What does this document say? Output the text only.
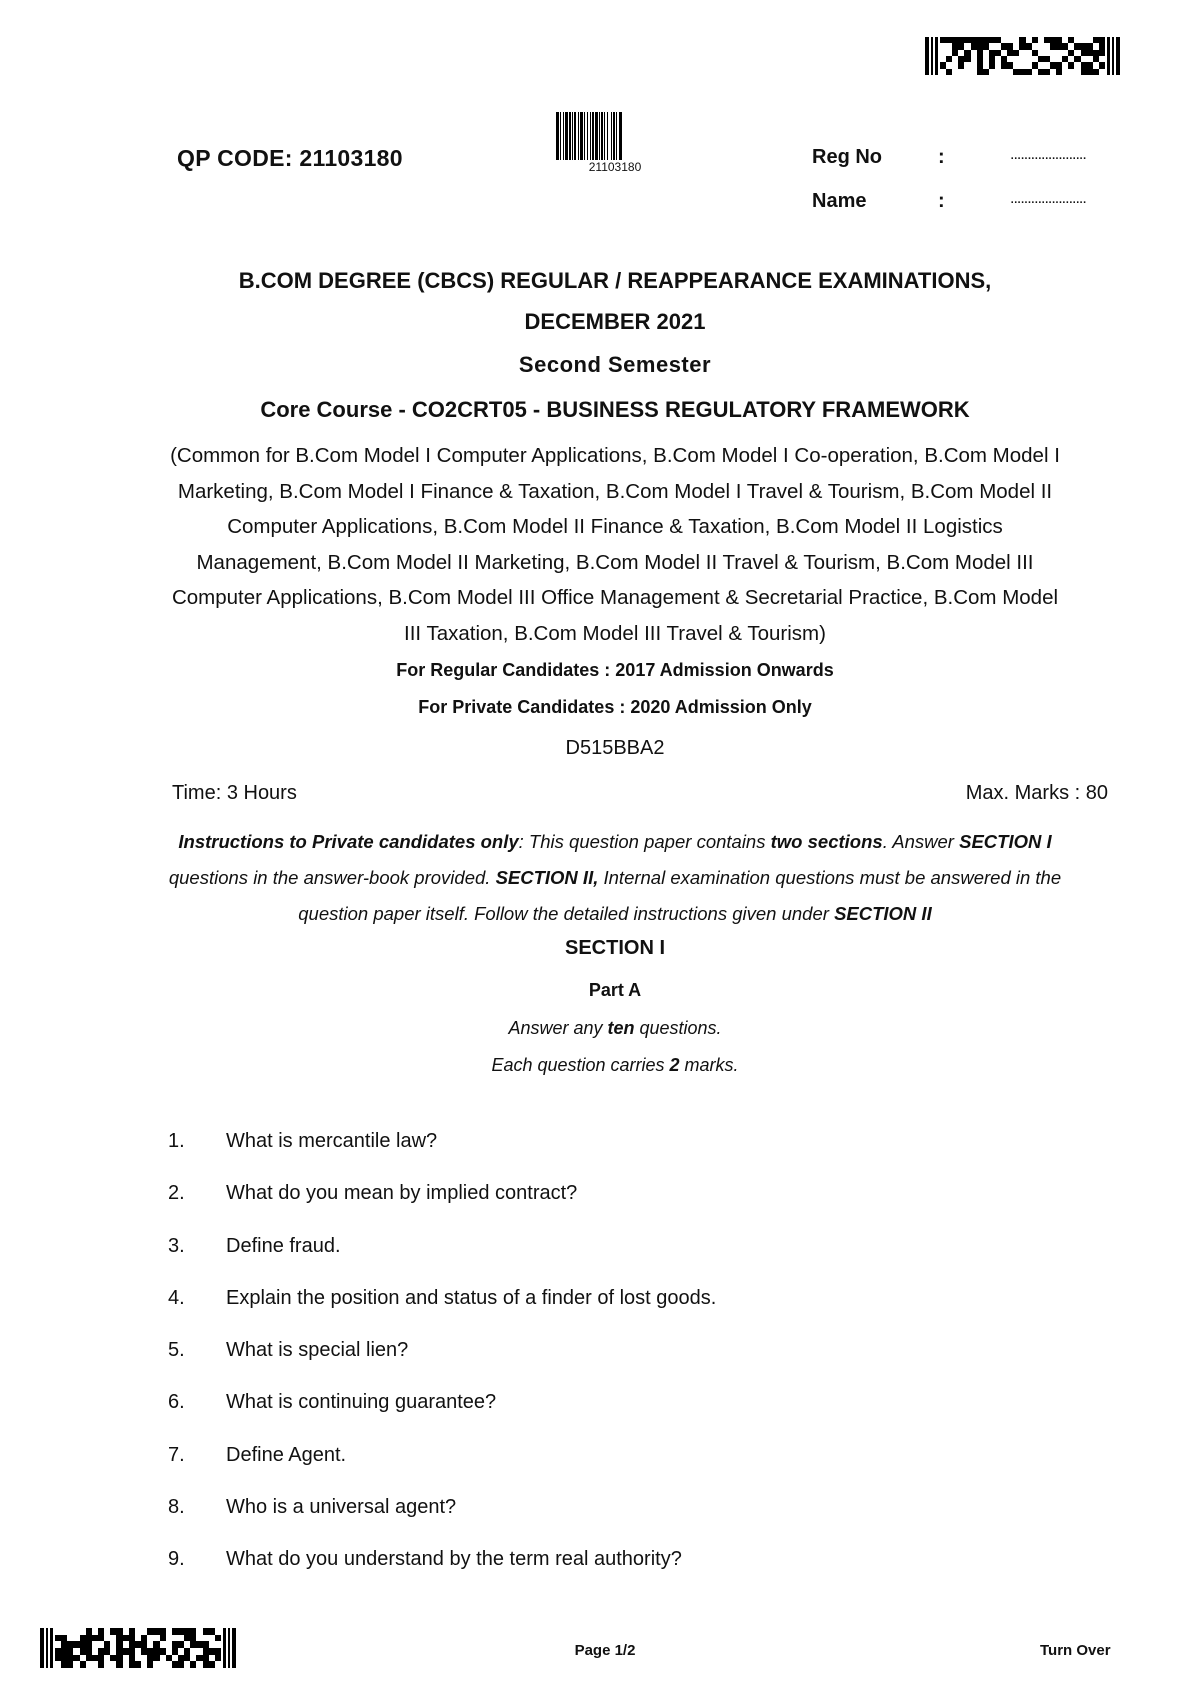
QP CODE: 21103180	21103180	Reg No	:	......................
Name	:	......................
B.COM DEGREE (CBCS) REGULAR / REAPPEARANCE EXAMINATIONS,
DECEMBER 2021
Second Semester
Core Course - CO2CRT05 - BUSINESS REGULATORY FRAMEWORK
(Common for B.Com Model I Computer Applications, B.Com Model I Co-operation, B.Com Model I
Marketing, B.Com Model I Finance & Taxation, B.Com Model I Travel & Tourism, B.Com Model II
Computer Applications, B.Com Model II Finance & Taxation, B.Com Model II Logistics
Management, B.Com Model II Marketing, B.Com Model II Travel & Tourism, B.Com Model III
Computer Applications, B.Com Model III Office Management & Secretarial Practice, B.Com Model
III Taxation, B.Com Model III Travel & Tourism)
For Regular Candidates : 2017 Admission Onwards
For Private Candidates : 2020 Admission Only
D515BBA2
Time: 3 Hours	Max. Marks : 80
Instructions to Private candidates only: This question paper contains two sections. Answer SECTION I
questions in the answer-book provided. SECTION II, Internal examination questions must be answered in the
question paper itself. Follow the detailed instructions given under SECTION II
SECTION I
Part A
Answer any ten questions.
Each question carries 2 marks.
1.	What is mercantile law?
2.	What do you mean by implied contract?
3.	Define fraud.
4.	Explain the position and status of a finder of lost goods.
5.	What is special lien?
6.	What is continuing guarantee?
7.	Define Agent.
8.	Who is a universal agent?
9.	What do you understand by the term real authority?
Page 1/2	Turn Over
